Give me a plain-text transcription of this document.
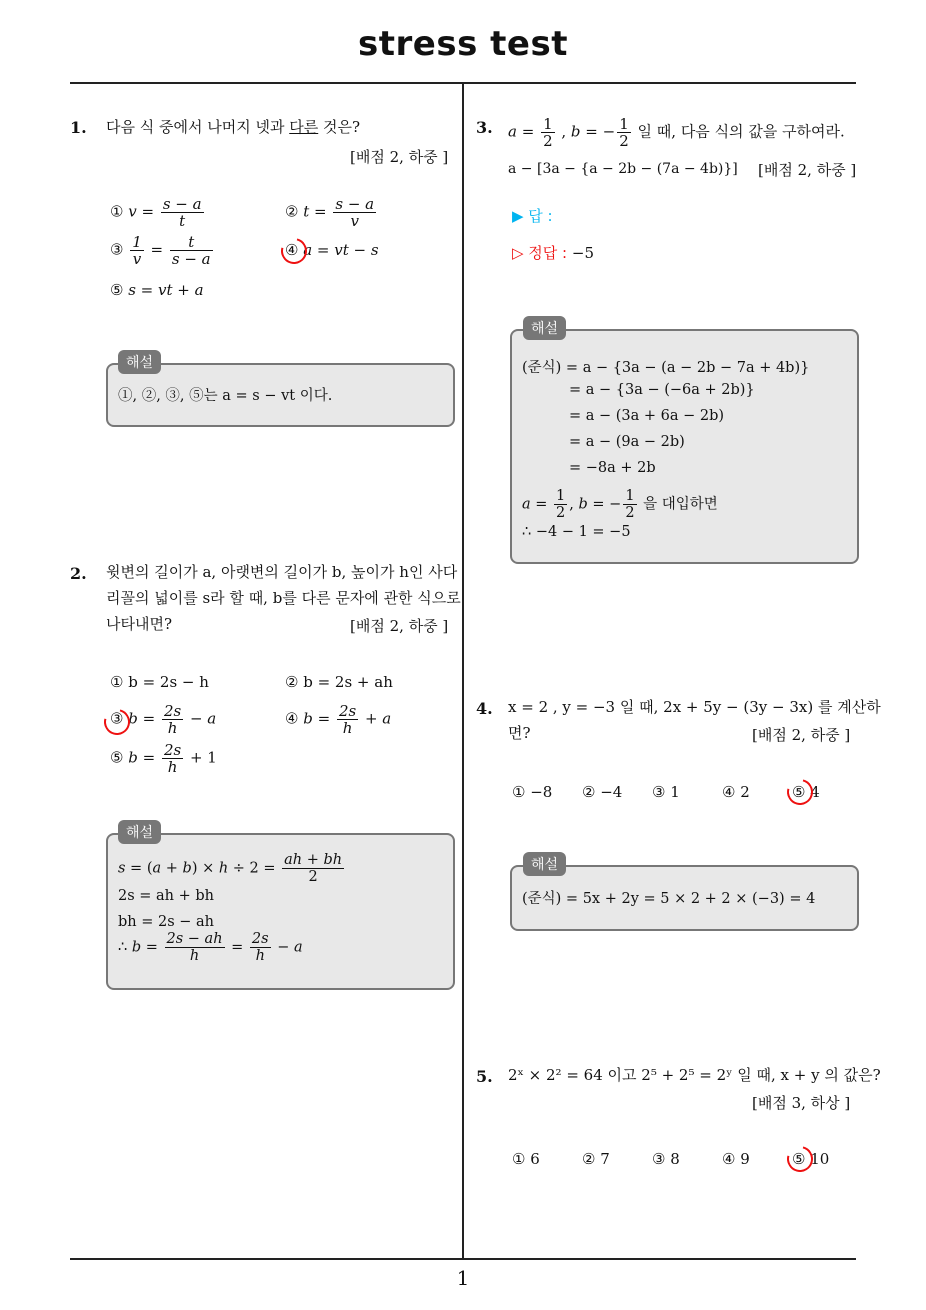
stress test
1
1. 다음 식 중에서 나머지 넷과 다른 것은?
[배점 2, 하중 ]
① $v = \frac{s - a}{t}$	② $t = \frac{s - a}{v}$
③ $\frac{1}{v} = \frac{t}{s - a}$	④ a = vt − s
⑤ s = vt + a
해설
①, ②, ③, ⑤는 a = s − vt 이다.
2. 윗변의 길이가 a, 아랫변의 길이가 b, 높이가 h인 사다
리꼴의 넓이를 s라 할 때, b를 다른 문자에 관한 식으로
나타내면?	[배점 2, 하중 ]
① b = 2s − h	② b = 2s + ah
③ $b = \frac{2s}{h} - a$	④ $b = \frac{2s}{h} + a$
⑤ $b = \frac{2s}{h} + 1$
해설
$s = (a + b) \times h \div 2 = \frac{ah + bh}{2}$
2s = ah + bh
bh = 2s − ah
∴ $b = \frac{2s - ah}{h} = \frac{2s}{h} - a$
3. $a = \frac{1}{2}$ , b = − $\frac{1}{2}$ 일 때, 다음 식의 값을 구하여라.
a − [3a − {a − 2b − (7a − 4b)}] [배점 2, 하중 ]
▶ 답 :
▷ 정답 : −5
해설
(준식) = a − {3a − (a − 2b − 7a + 4b)}
= a − {3a − (−6a + 2b)}
= a − (3a + 6a − 2b)
= a − (9a − 2b)
= −8a + 2b
$a = \frac{1}{2}$ , b = − $\frac{1}{2}$ 을 대입하면
∴ −4 − 1 = −5
4. x = 2 , y = −3 일 때, 2x + 5y − (3y − 3x) 를 계산하
면?	[배점 2, 하중 ]
① −8 ② −4 ③ 1	④ 2	⑤ 4
해설
(준식) = 5x + 2y = 5 × 2 + 2 × (−3) = 4
5. 2ˣ × 2² = 64 이고 2⁵ + 2⁵ = 2ʸ 일 때, x + y 의 값은?
[배점 3, 하상 ]
① 6	② 7	③ 8	④ 9	⑤ 10
